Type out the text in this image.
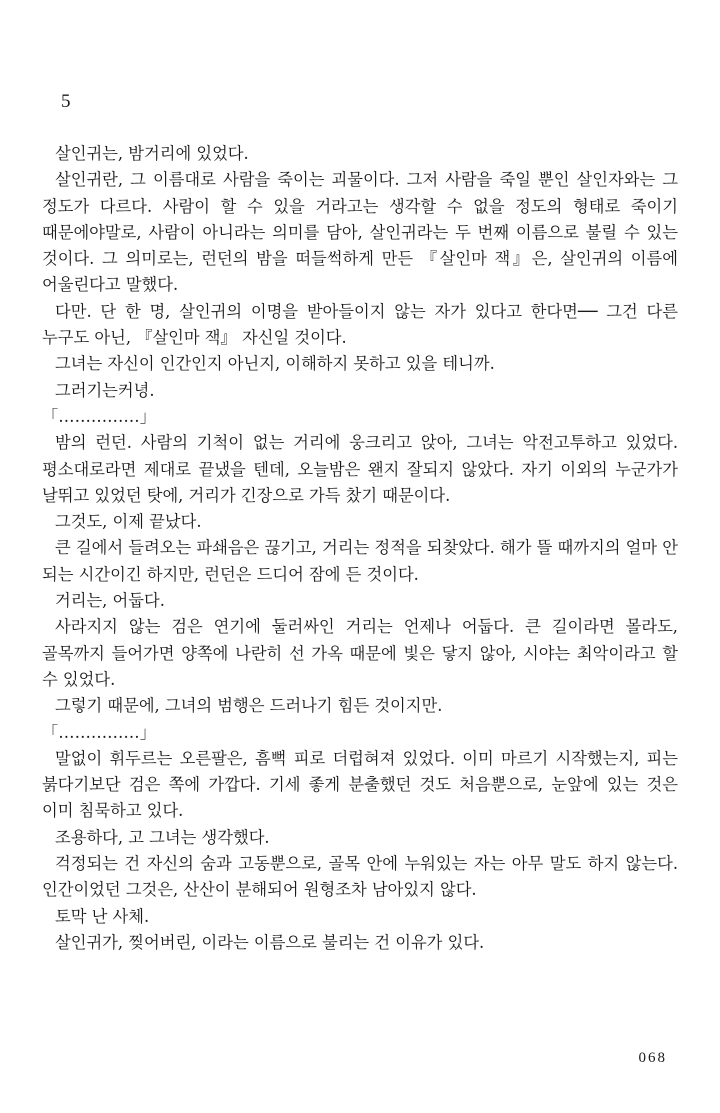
5

살인귀는, 밤거리에 있었다.

살인귀란, 그 이름대로 사람을 죽이는 괴물이다. 그저 사람을 죽일 뿐인 살인자와는 그 정도가 다르다. 사람이 할 수 있을 거라고는 생각할 수 없을 정도의 형태로 죽이기 때문에야말로, 사람이 아니라는 의미를 담아, 살인귀라는 두 번째 이름으로 불릴 수 있는 것이다. 그 의미로는, 런던의 밤을 떠들썩하게 만든 『살인마 잭』은, 살인귀의 이름에 어울린다고 말했다.

다만. 단 한 명, 살인귀의 이명을 받아들이지 않는 자가 있다고 한다면── 그건 다른 누구도 아닌, 『살인마 잭』 자신일 것이다.

그녀는 자신이 인간인지 아닌지, 이해하지 못하고 있을 테니까.

그러기는커녕.

「……………」

밤의 런던. 사람의 기척이 없는 거리에 웅크리고 앉아, 그녀는 악전고투하고 있었다. 평소대로라면 제대로 끝냈을 텐데, 오늘밤은 왠지 잘되지 않았다. 자기 이외의 누군가가 날뛰고 있었던 탓에, 거리가 긴장으로 가득 찼기 때문이다.

그것도, 이제 끝났다.

큰 길에서 들려오는 파쇄음은 끊기고, 거리는 정적을 되찾았다. 해가 뜰 때까지의 얼마 안 되는 시간이긴 하지만, 런던은 드디어 잠에 든 것이다.

거리는, 어둡다.

사라지지 않는 검은 연기에 둘러싸인 거리는 언제나 어둡다. 큰 길이라면 몰라도, 골목까지 들어가면 양쪽에 나란히 선 가옥 때문에 빛은 닿지 않아, 시야는 최악이라고 할 수 있었다.

그렇기 때문에, 그녀의 범행은 드러나기 힘든 것이지만.

「……………」

말없이 휘두르는 오른팔은, 흠뻑 피로 더럽혀져 있었다. 이미 마르기 시작했는지, 피는 붉다기보단 검은 쪽에 가깝다. 기세 좋게 분출했던 것도 처음뿐으로, 눈앞에 있는 것은 이미 침묵하고 있다.

조용하다, 고 그녀는 생각했다.

걱정되는 건 자신의 숨과 고동뿐으로, 골목 안에 누워있는 자는 아무 말도 하지 않는다. 인간이었던 그것은, 산산이 분해되어 원형조차 남아있지 않다.

토막 난 사체.

살인귀가, 찢어버린, 이라는 이름으로 불리는 건 이유가 있다.

068
